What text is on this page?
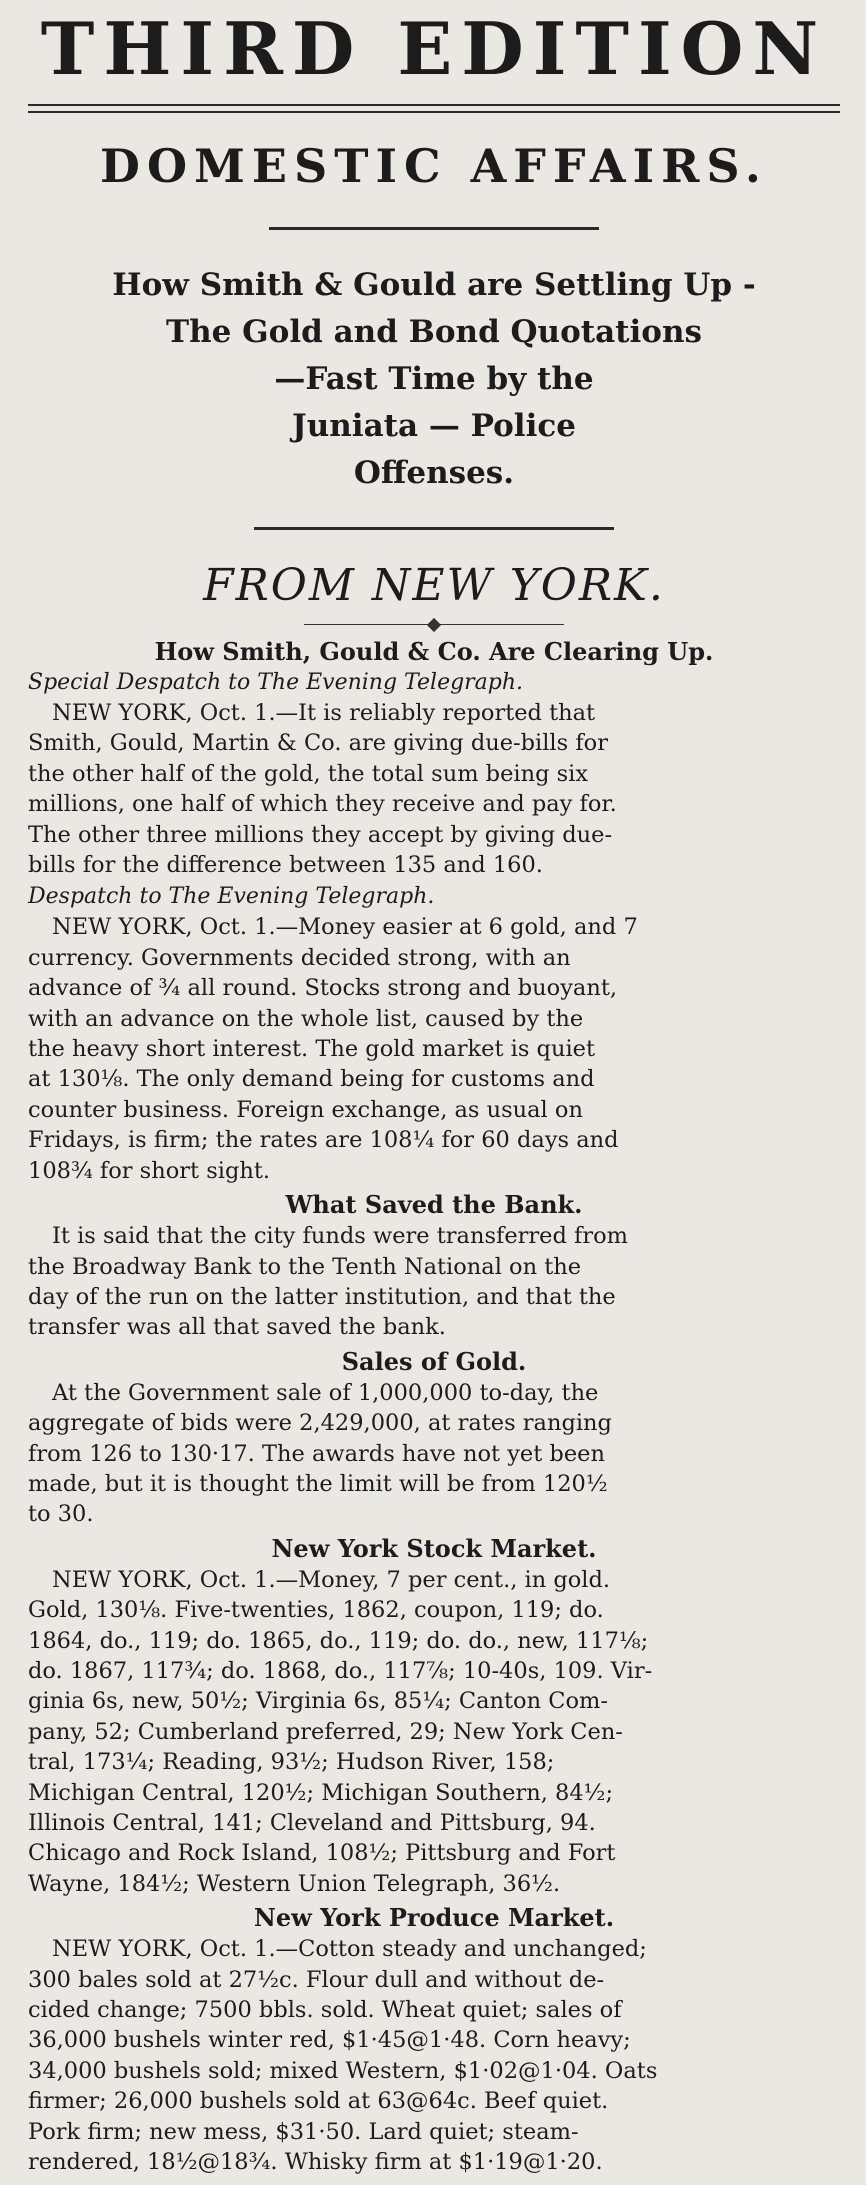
THIRD EDITION
DOMESTIC AFFAIRS.
How Smith & Gould are Settling Up -
The Gold and Bond Quotations
—Fast Time by the
Juniata — Police
Offenses.
FROM NEW YORK.
How Smith, Gould & Co. Are Clearing Up.
Special Despatch to The Evening Telegraph.
NEW YORK, Oct. 1.—It is reliably reported that
Smith, Gould, Martin & Co. are giving due-bills for
the other half of the gold, the total sum being six
millions, one half of which they receive and pay for.
The other three millions they accept by giving due-
bills for the difference between 135 and 160.
Despatch to The Evening Telegraph.
NEW YORK, Oct. 1.—Money easier at 6 gold, and 7
currency. Governments decided strong, with an
advance of ¾ all round. Stocks strong and buoyant,
with an advance on the whole list, caused by the
the heavy short interest. The gold market is quiet
at 130⅛. The only demand being for customs and
counter business. Foreign exchange, as usual on
Fridays, is firm; the rates are 108¼ for 60 days and
108¾ for short sight.
What Saved the Bank.
It is said that the city funds were transferred from
the Broadway Bank to the Tenth National on the
day of the run on the latter institution, and that the
transfer was all that saved the bank.
Sales of Gold.
At the Government sale of 1,000,000 to-day, the
aggregate of bids were 2,429,000, at rates ranging
from 126 to 130·17. The awards have not yet been
made, but it is thought the limit will be from 120½
to 30.
New York Stock Market.
NEW YORK, Oct. 1.—Money, 7 per cent., in gold.
Gold, 130⅛. Five-twenties, 1862, coupon, 119; do.
1864, do., 119; do. 1865, do., 119; do. do., new, 117⅛;
do. 1867, 117¾; do. 1868, do., 117⅞; 10-40s, 109. Vir-
ginia 6s, new, 50½; Virginia 6s, 85¼; Canton Com-
pany, 52; Cumberland preferred, 29; New York Cen-
tral, 173¼; Reading, 93½; Hudson River, 158;
Michigan Central, 120½; Michigan Southern, 84½;
Illinois Central, 141; Cleveland and Pittsburg, 94.
Chicago and Rock Island, 108½; Pittsburg and Fort
Wayne, 184½; Western Union Telegraph, 36½.
New York Produce Market.
NEW YORK, Oct. 1.—Cotton steady and unchanged;
300 bales sold at 27½c. Flour dull and without de-
cided change; 7500 bbls. sold. Wheat quiet; sales of
36,000 bushels winter red, $1·45@1·48. Corn heavy;
34,000 bushels sold; mixed Western, $1·02@1·04. Oats
firmer; 26,000 bushels sold at 63@64c. Beef quiet.
Pork firm; new mess, $31·50. Lard quiet; steam-
rendered, 18½@18¾. Whisky firm at $1·19@1·20.
